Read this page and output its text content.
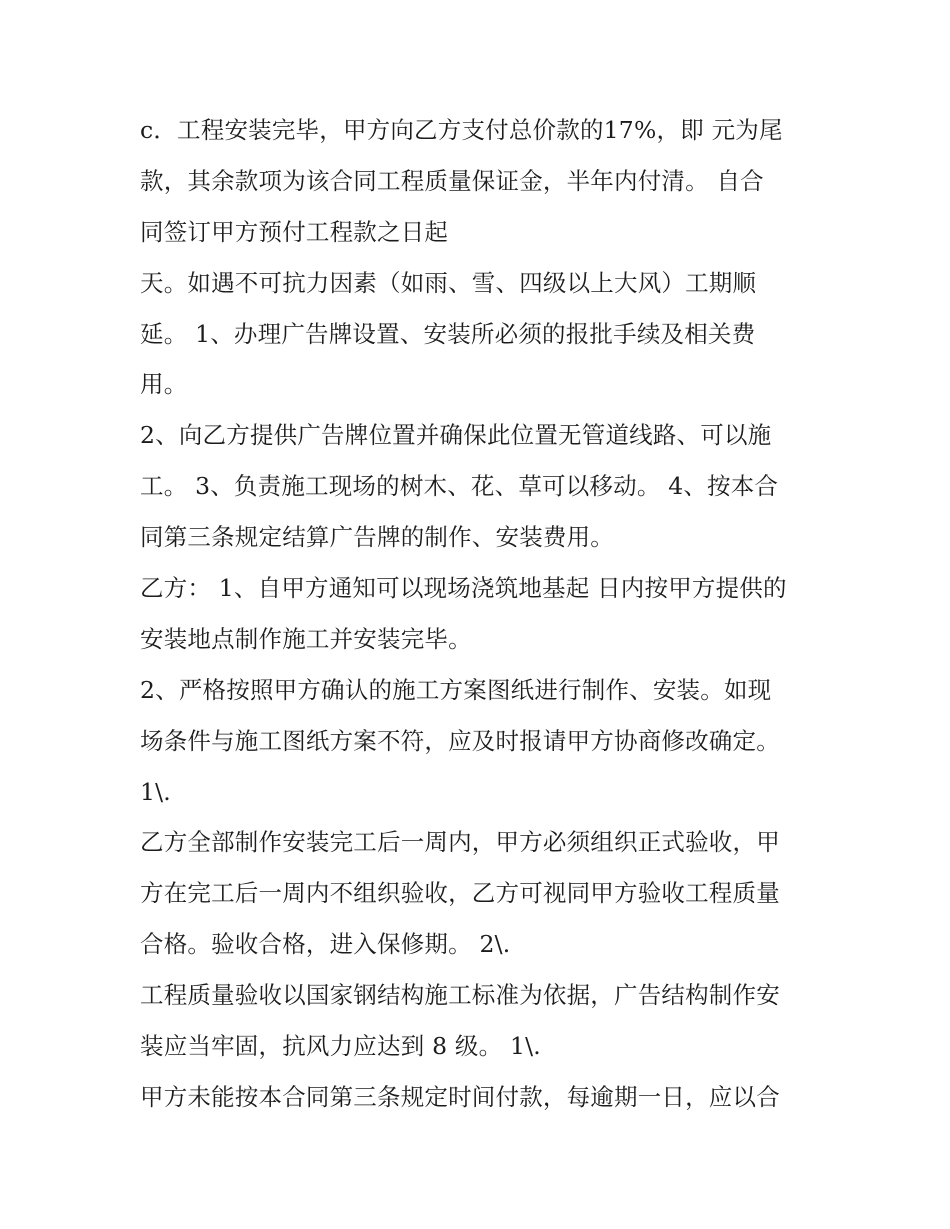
c．工程安装完毕，甲方向乙方支付总价款的17%，即 元为尾
款，其余款项为该合同工程质量保证金，半年内付清。 自合
同签订甲方预付工程款之日起
天。如遇不可抗力因素（如雨、雪、四级以上大风）工期顺
延。 1、办理广告牌设置、安装所必须的报批手续及相关费
用。
2、向乙方提供广告牌位置并确保此位置无管道线路、可以施
工。 3、负责施工现场的树木、花、草可以移动。 4、按本合
同第三条规定结算广告牌的制作、安装费用。
乙方： 1、自甲方通知可以现场浇筑地基起 日内按甲方提供的
安装地点制作施工并安装完毕。
2、严格按照甲方确认的施工方案图纸进行制作、安装。如现
场条件与施工图纸方案不符，应及时报请甲方协商修改确定。
1\.
乙方全部制作安装完工后一周内，甲方必须组织正式验收，甲
方在完工后一周内不组织验收，乙方可视同甲方验收工程质量
合格。验收合格，进入保修期。 2\.
工程质量验收以国家钢结构施工标准为依据，广告结构制作安
装应当牢固，抗风力应达到 8 级。 1\.
甲方未能按本合同第三条规定时间付款，每逾期一日，应以合
